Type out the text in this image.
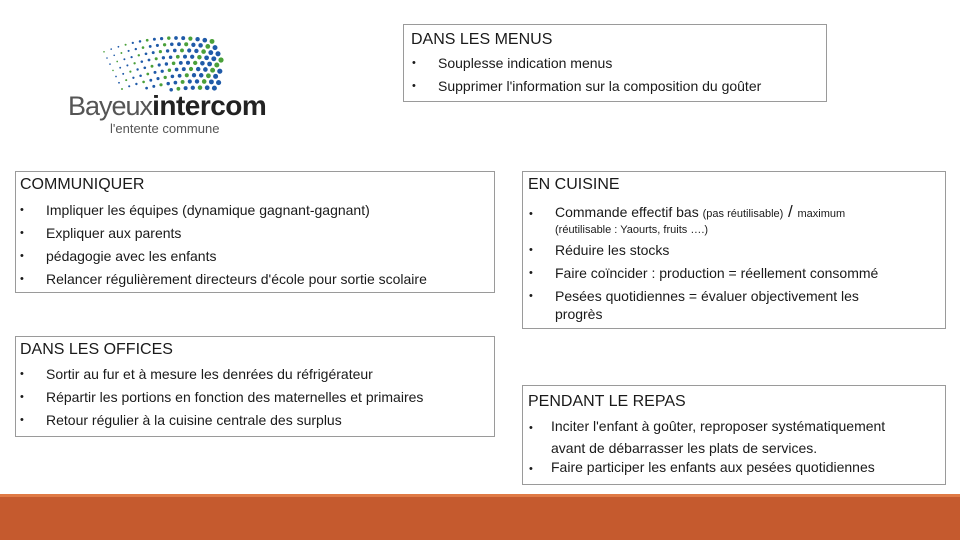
Bayeuxintercom
l'entente commune
DANS LES MENUS
• Souplesse indication menus
• Supprimer l'information sur la composition du goûter
COMMUNIQUER
• Impliquer les équipes (dynamique gagnant-gagnant)
• Expliquer aux parents
• pédagogie avec les enfants
• Relancer régulièrement directeurs d'école pour sortie scolaire
EN CUISINE
• Commande effectif bas (pas réutilisable) / maximum
(réutilisable : Yaourts, fruits ….)
• Réduire les stocks
• Faire coïncider : production = réellement consommé
• Pesées quotidiennes = évaluer objectivement les
progrès
DANS LES OFFICES
• Sortir au fur et à mesure les denrées du réfrigérateur
• Répartir les portions en fonction des maternelles et primaires
• Retour régulier à la cuisine centrale des surplus
PENDANT LE REPAS
• Inciter l'enfant à goûter, reproposer systématiquement
avant de débarrasser les plats de services.
• Faire participer les enfants aux pesées quotidiennes
